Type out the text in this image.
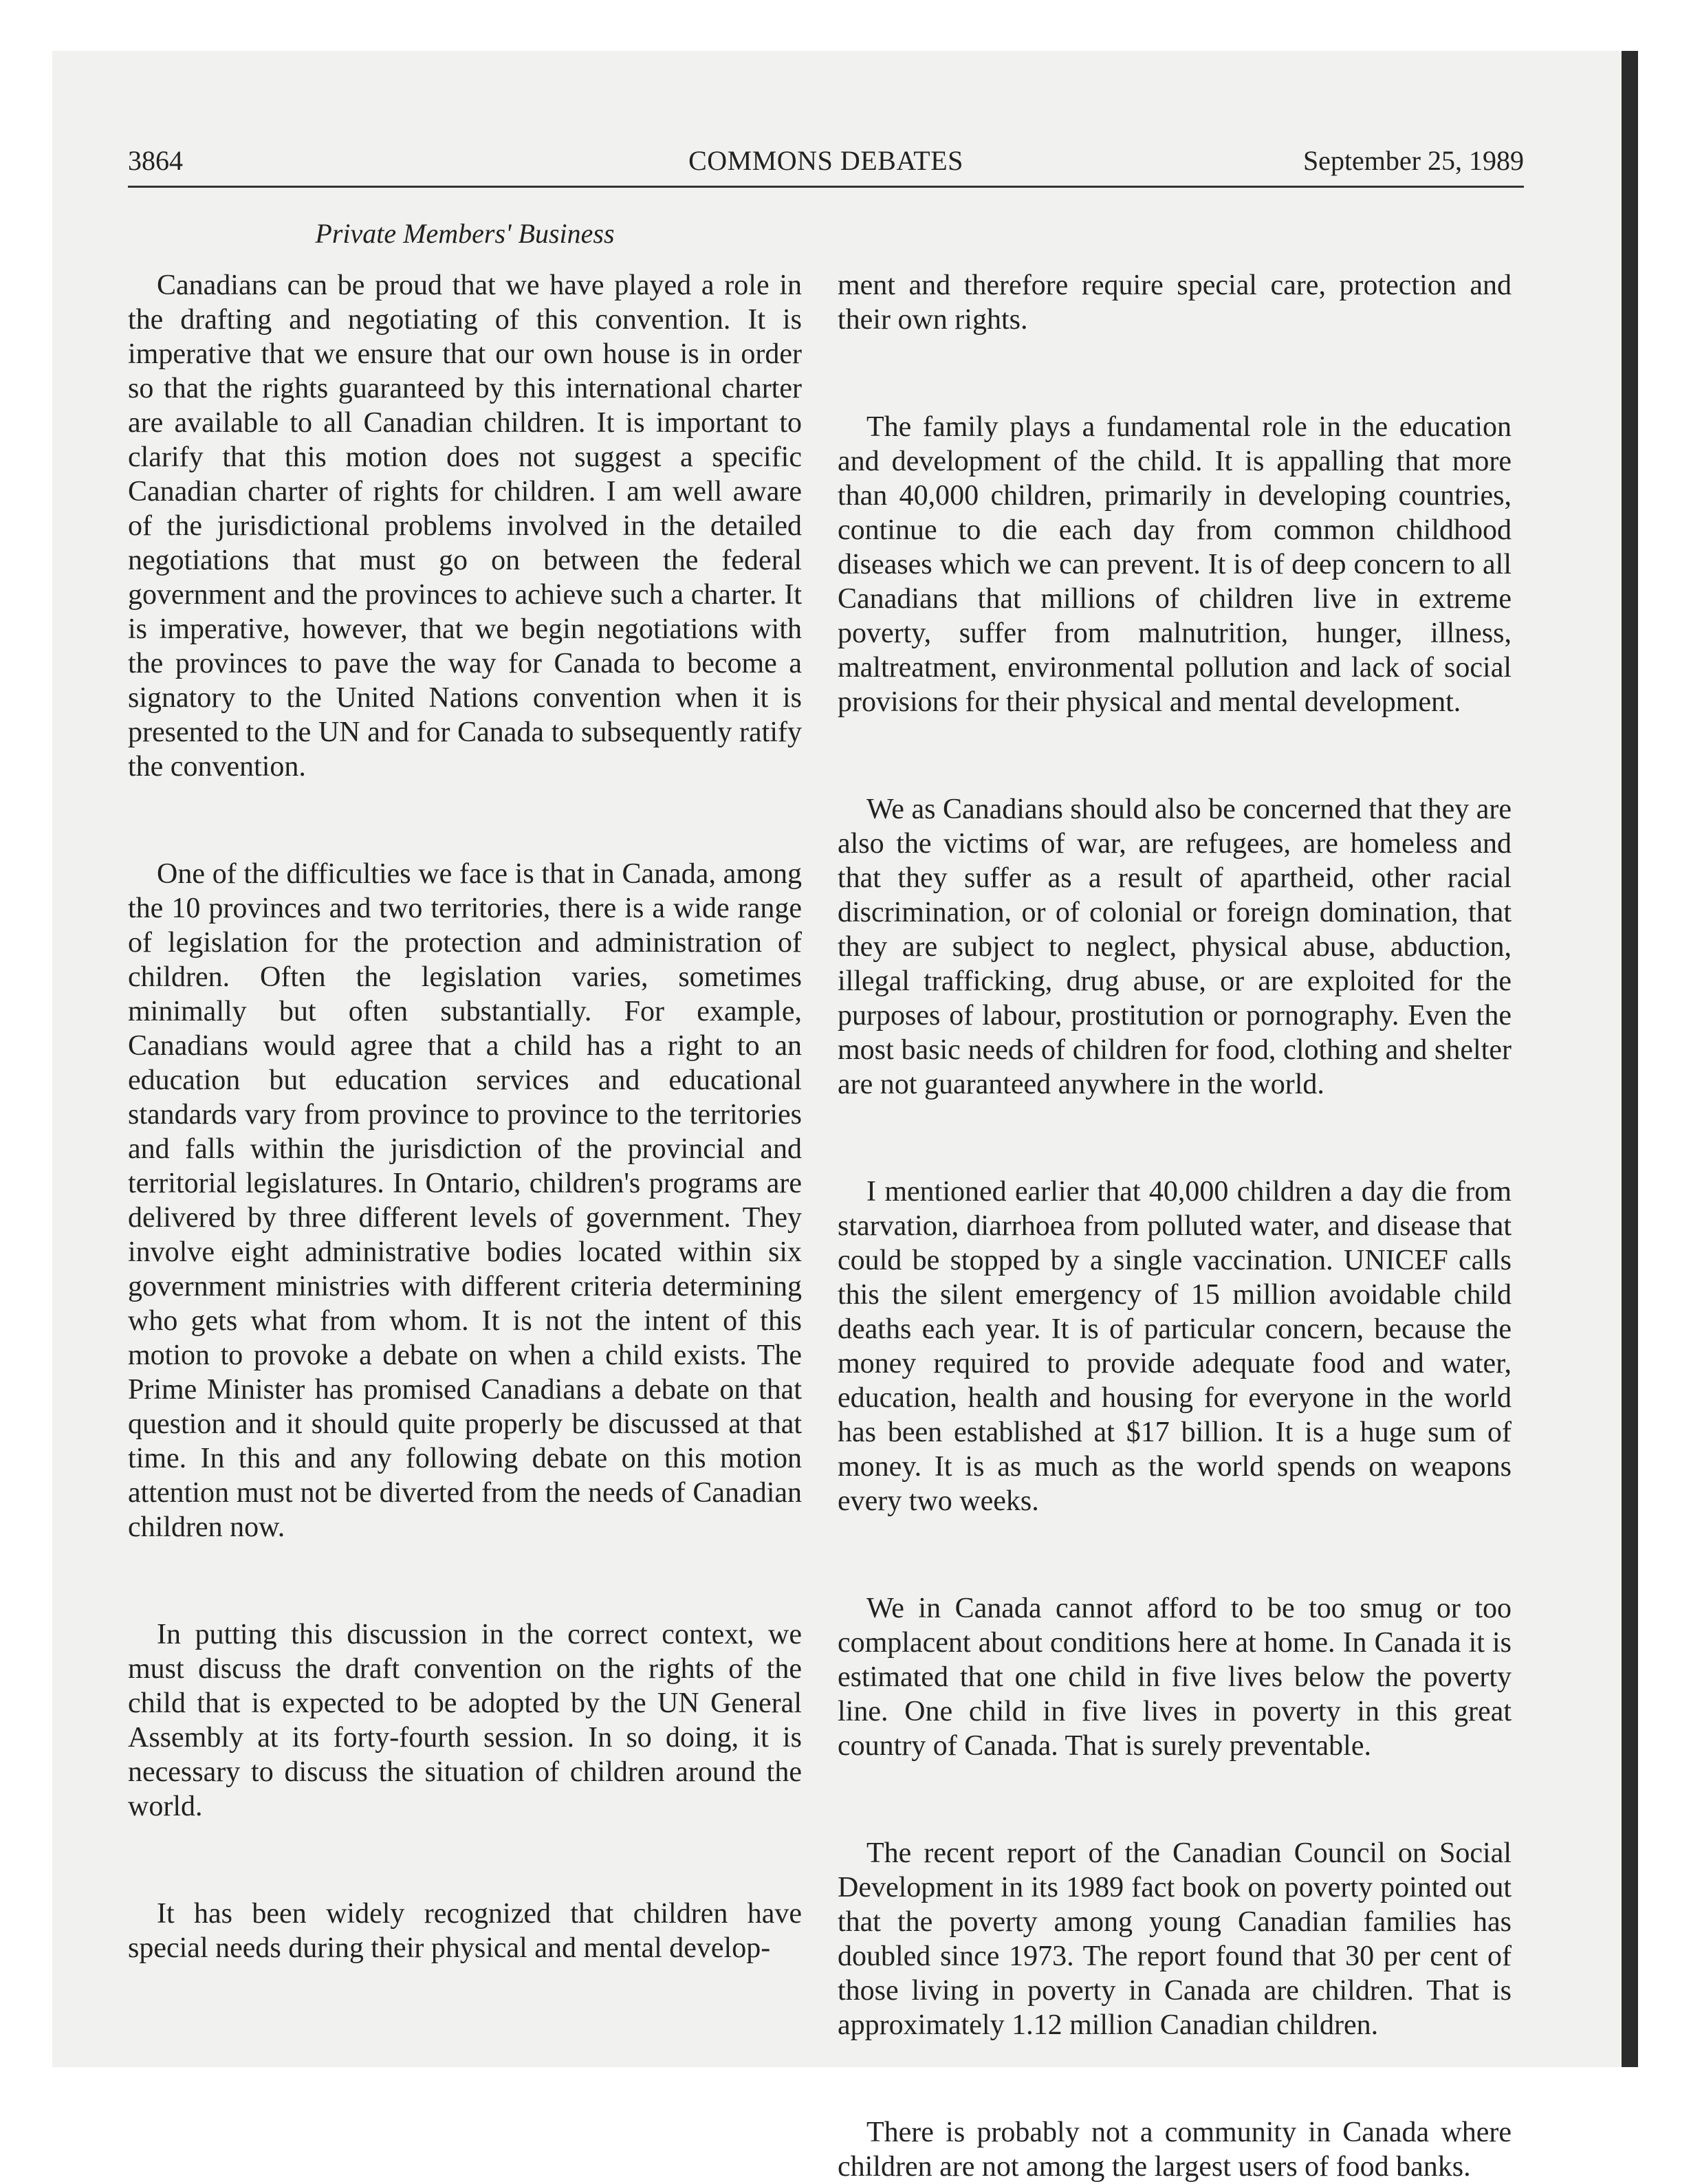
3864	COMMONS DEBATES	September 25, 1989
Private Members' Business

Canadians can be proud that we have played a role in the drafting and negotiating of this convention. It is imperative that we ensure that our own house is in order so that the rights guaranteed by this international charter are available to all Canadian children. It is important to clarify that this motion does not suggest a specific Canadian charter of rights for children. I am well aware of the jurisdictional problems involved in the detailed negotiations that must go on between the federal government and the provinces to achieve such a charter. It is imperative, however, that we begin negotiations with the provinces to pave the way for Canada to become a signatory to the United Nations convention when it is presented to the UN and for Canada to subsequently ratify the convention.

One of the difficulties we face is that in Canada, among the 10 provinces and two territories, there is a wide range of legislation for the protection and administration of children. Often the legislation varies, sometimes minimally but often substantially. For example, Canadians would agree that a child has a right to an education but education services and educational standards vary from province to province to the territories and falls within the jurisdiction of the provincial and territorial legislatures. In Ontario, children's programs are delivered by three different levels of government. They involve eight administrative bodies located within six government ministries with different criteria determining who gets what from whom. It is not the intent of this motion to provoke a debate on when a child exists. The Prime Minister has promised Canadians a debate on that question and it should quite properly be discussed at that time. In this and any following debate on this motion attention must not be diverted from the needs of Canadian children now.

In putting this discussion in the correct context, we must discuss the draft convention on the rights of the child that is expected to be adopted by the UN General Assembly at its forty-fourth session. In so doing, it is necessary to discuss the situation of children around the world.

It has been widely recognized that children have special needs during their physical and mental develop-

ment and therefore require special care, protection and their own rights.

The family plays a fundamental role in the education and development of the child. It is appalling that more than 40,000 children, primarily in developing countries, continue to die each day from common childhood diseases which we can prevent. It is of deep concern to all Canadians that millions of children live in extreme poverty, suffer from malnutrition, hunger, illness, maltreatment, environmental pollution and lack of social provisions for their physical and mental development.

We as Canadians should also be concerned that they are also the victims of war, are refugees, are homeless and that they suffer as a result of apartheid, other racial discrimination, or of colonial or foreign domination, that they are subject to neglect, physical abuse, abduction, illegal trafficking, drug abuse, or are exploited for the purposes of labour, prostitution or pornography. Even the most basic needs of children for food, clothing and shelter are not guaranteed anywhere in the world.

I mentioned earlier that 40,000 children a day die from starvation, diarrhoea from polluted water, and disease that could be stopped by a single vaccination. UNICEF calls this the silent emergency of 15 million avoidable child deaths each year. It is of particular concern, because the money required to provide adequate food and water, education, health and housing for everyone in the world has been established at $17 billion. It is a huge sum of money. It is as much as the world spends on weapons every two weeks.

We in Canada cannot afford to be too smug or too complacent about conditions here at home. In Canada it is estimated that one child in five lives below the poverty line. One child in five lives in poverty in this great country of Canada. That is surely preventable.

The recent report of the Canadian Council on Social Development in its 1989 fact book on poverty pointed out that the poverty among young Canadian families has doubled since 1973. The report found that 30 per cent of those living in poverty in Canada are children. That is approximately 1.12 million Canadian children.

There is probably not a community in Canada where children are not among the largest users of food banks.
